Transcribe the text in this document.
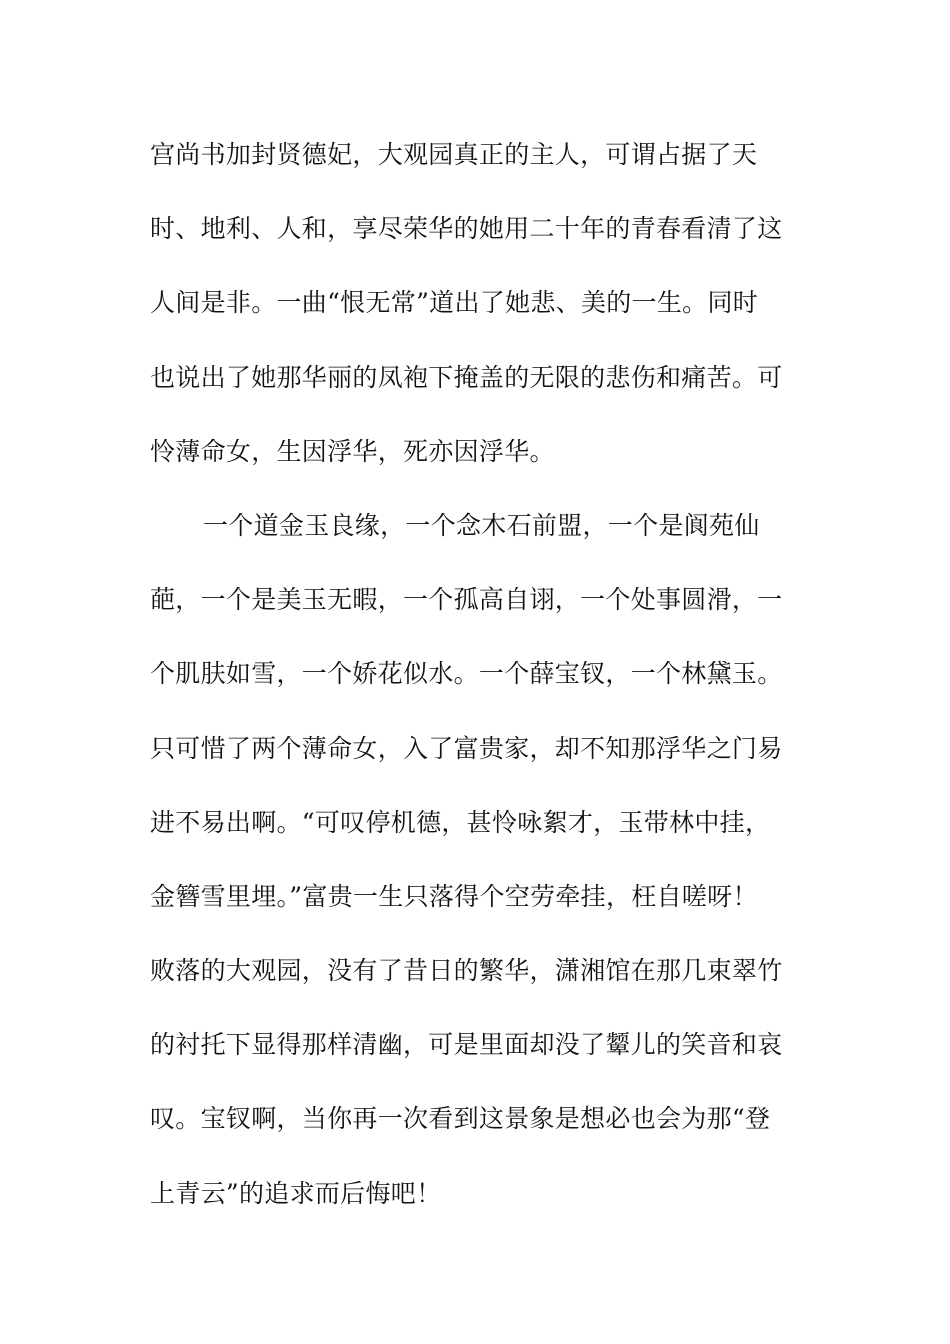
宫尚书加封贤德妃，大观园真正的主人，可谓占据了天
时、地利、人和，享尽荣华的她用二十年的青春看清了这
人间是非。一曲“恨无常”道出了她悲、美的一生。同时
也说出了她那华丽的凤袍下掩盖的无限的悲伤和痛苦。可
怜薄命女，生因浮华，死亦因浮华。
一个道金玉良缘，一个念木石前盟，一个是阆苑仙
葩，一个是美玉无暇，一个孤高自诩，一个处事圆滑，一
个肌肤如雪，一个娇花似水。一个薛宝钗，一个林黛玉。
只可惜了两个薄命女，入了富贵家，却不知那浮华之门易
进不易出啊。“可叹停机德，甚怜咏絮才，玉带林中挂，
金簪雪里埋。”富贵一生只落得个空劳牵挂，枉自嗟呀！
败落的大观园，没有了昔日的繁华，潇湘馆在那几束翠竹
的衬托下显得那样清幽，可是里面却没了颦儿的笑音和哀
叹。宝钗啊，当你再一次看到这景象是想必也会为那“登
上青云”的追求而后悔吧！
